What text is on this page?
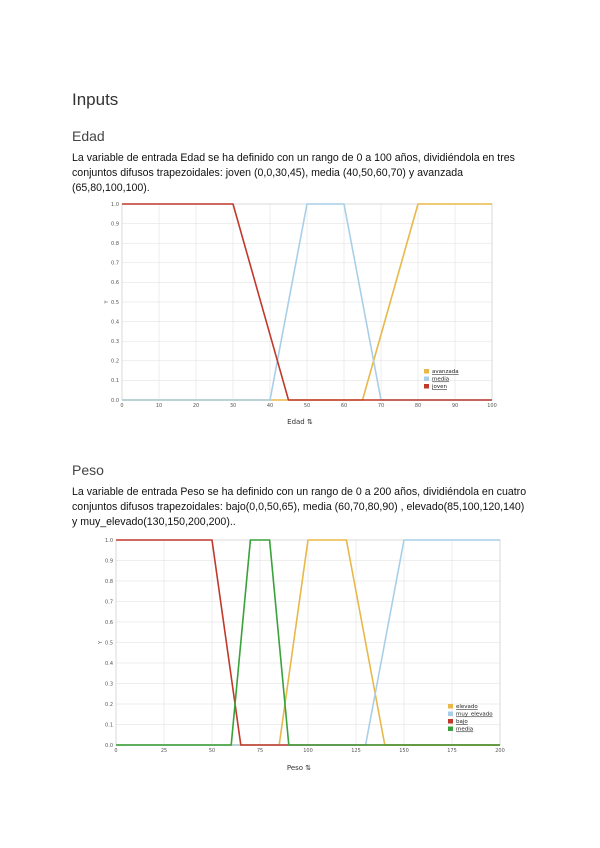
Inputs
Edad

La variable de entrada Edad se ha definido con un rango de 0 a 100 años, dividiéndola en tres conjuntos difusos trapezoidales: joven (0,0,30,45), media (40,50,60,70) y avanzada (65,80,100,100).

0.0
0.1
0.2
0.3
0.4
0.5
0.6
0.7
0.8
0.9
1.0
0	10	20	30	40	50	60	70	80	90	100
Y
Edad ⇅
avanzada
media
joven
Peso

La variable de entrada Peso se ha definido con un rango de 0 a 200 años, dividiéndola en cuatro conjuntos difusos trapezoidales: bajo(0,0,50,65), media (60,70,80,90) , elevado(85,100,120,140) y muy_elevado(130,150,200,200)..

0.0
0.1
0.2
0.3
0.4
0.5
0.6
0.7
0.8
0.9
1.0
0	25	50	75	100	125	150	175	200
Y
Peso ⇅
elevado
muy_elevado
bajo
media
